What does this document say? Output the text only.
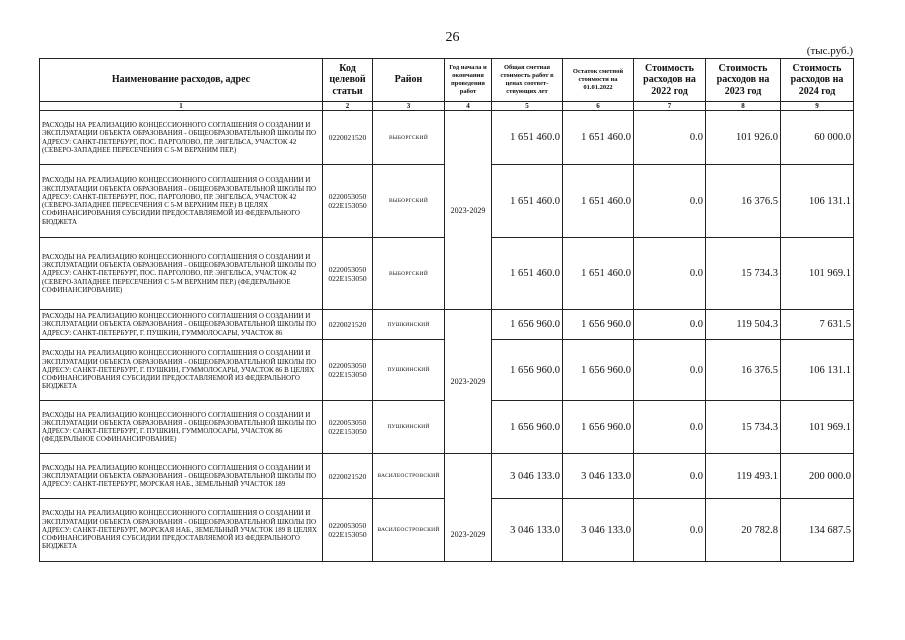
26
(тыс.руб.)
Наименование расходов, адрес	Код целевой статьи	Район	Год начала и окончания проведения работ	Общая сметная стоимость работ в ценах соответ-ствующих лет	Остаток сметной стоимости на 01.01.2022	Стоимость расходов на 2022 год	Стоимость расходов на 2023 год	Стоимость расходов на 2024 год
1	2	3	4	5	6	7	8	9
РАСХОДЫ НА РЕАЛИЗАЦИЮ КОНЦЕССИОННОГО СОГЛАШЕНИЯ О СОЗДАНИИ И ЭКСПЛУАТАЦИИ ОБЪЕКТА ОБРАЗОВАНИЯ - ОБЩЕОБРАЗОВАТЕЛЬНОЙ ШКОЛЫ ПО АДРЕСУ: САНКТ-ПЕТЕРБУРГ, ПОС. ПАРГОЛОВО, ПР. ЭНГЕЛЬСА, УЧАСТОК 42 (СЕВЕРО-ЗАПАДНЕЕ ПЕРЕСЕЧЕНИЯ С 5-М ВЕРХНИМ ПЕР.)	0220021520	ВЫБОРГСКИЙ	2023-2029	1 651 460.0	1 651 460.0	0.0	101 926.0	60 000.0
РАСХОДЫ НА РЕАЛИЗАЦИЮ КОНЦЕССИОННОГО СОГЛАШЕНИЯ О СОЗДАНИИ И ЭКСПЛУАТАЦИИ ОБЪЕКТА ОБРАЗОВАНИЯ - ОБЩЕОБРАЗОВАТЕЛЬНОЙ ШКОЛЫ ПО АДРЕСУ: САНКТ-ПЕТЕРБУРГ, ПОС. ПАРГОЛОВО, ПР. ЭНГЕЛЬСА, УЧАСТОК 42 (СЕВЕРО-ЗАПАДНЕЕ ПЕРЕСЕЧЕНИЯ С 5-М ВЕРХНИМ ПЕР.) В ЦЕЛЯХ СОФИНАНСИРОВАНИЯ СУБСИДИИ ПРЕДОСТАВЛЯЕМОЙ ИЗ ФЕДЕРАЛЬНОГО БЮДЖЕТА	0220053050 022E153050	ВЫБОРГСКИЙ		1 651 460.0	1 651 460.0	0.0	16 376.5	106 131.1
РАСХОДЫ НА РЕАЛИЗАЦИЮ КОНЦЕССИОННОГО СОГЛАШЕНИЯ О СОЗДАНИИ И ЭКСПЛУАТАЦИИ ОБЪЕКТА ОБРАЗОВАНИЯ - ОБЩЕОБРАЗОВАТЕЛЬНОЙ ШКОЛЫ ПО АДРЕСУ: САНКТ-ПЕТЕРБУРГ, ПОС. ПАРГОЛОВО, ПР. ЭНГЕЛЬСА, УЧАСТОК 42 (СЕВЕРО-ЗАПАДНЕЕ ПЕРЕСЕЧЕНИЯ С 5-М ВЕРХНИМ ПЕР.) (ФЕДЕРАЛЬНОЕ СОФИНАНСИРОВАНИЕ)	0220053050 022E153050	ВЫБОРГСКИЙ		1 651 460.0	1 651 460.0	0.0	15 734.3	101 969.1
РАСХОДЫ НА РЕАЛИЗАЦИЮ КОНЦЕССИОННОГО СОГЛАШЕНИЯ О СОЗДАНИИ И ЭКСПЛУАТАЦИИ ОБЪЕКТА ОБРАЗОВАНИЯ - ОБЩЕОБРАЗОВАТЕЛЬНОЙ ШКОЛЫ ПО АДРЕСУ: САНКТ-ПЕТЕРБУРГ, Г. ПУШКИН, ГУММОЛОСАРЫ, УЧАСТОК 86	0220021520	ПУШКИНСКИЙ	2023-2029	1 656 960.0	1 656 960.0	0.0	119 504.3	7 631.5
РАСХОДЫ НА РЕАЛИЗАЦИЮ КОНЦЕССИОННОГО СОГЛАШЕНИЯ О СОЗДАНИИ И ЭКСПЛУАТАЦИИ ОБЪЕКТА ОБРАЗОВАНИЯ - ОБЩЕОБРАЗОВАТЕЛЬНОЙ ШКОЛЫ ПО АДРЕСУ: САНКТ-ПЕТЕРБУРГ, Г. ПУШКИН, ГУММОЛОСАРЫ, УЧАСТОК 86 В ЦЕЛЯХ СОФИНАНСИРОВАНИЯ СУБСИДИИ ПРЕДОСТАВЛЯЕМОЙ ИЗ ФЕДЕРАЛЬНОГО БЮДЖЕТА	0220053050 022E153050	ПУШКИНСКИЙ		1 656 960.0	1 656 960.0	0.0	16 376.5	106 131.1
РАСХОДЫ НА РЕАЛИЗАЦИЮ КОНЦЕССИОННОГО СОГЛАШЕНИЯ О СОЗДАНИИ И ЭКСПЛУАТАЦИИ ОБЪЕКТА ОБРАЗОВАНИЯ - ОБЩЕОБРАЗОВАТЕЛЬНОЙ ШКОЛЫ ПО АДРЕСУ: САНКТ-ПЕТЕРБУРГ, Г. ПУШКИН, ГУММОЛОСАРЫ, УЧАСТОК 86 (ФЕДЕРАЛЬНОЕ СОФИНАНСИРОВАНИЕ)	0220053050 022E153050	ПУШКИНСКИЙ		1 656 960.0	1 656 960.0	0.0	15 734.3	101 969.1
РАСХОДЫ НА РЕАЛИЗАЦИЮ КОНЦЕССИОННОГО СОГЛАШЕНИЯ О СОЗДАНИИ И ЭКСПЛУАТАЦИИ ОБЪЕКТА ОБРАЗОВАНИЯ - ОБЩЕОБРАЗОВАТЕЛЬНОЙ ШКОЛЫ ПО АДРЕСУ: САНКТ-ПЕТЕРБУРГ, МОРСКАЯ НАБ., ЗЕМЕЛЬНЫЙ УЧАСТОК 189	0220021520	ВАСИЛЕОСТРОВСКИЙ	2023-2029	3 046 133.0	3 046 133.0	0.0	119 493.1	200 000.0
РАСХОДЫ НА РЕАЛИЗАЦИЮ КОНЦЕССИОННОГО СОГЛАШЕНИЯ О СОЗДАНИИ И ЭКСПЛУАТАЦИИ ОБЪЕКТА ОБРАЗОВАНИЯ - ОБЩЕОБРАЗОВАТЕЛЬНОЙ ШКОЛЫ ПО АДРЕСУ: САНКТ-ПЕТЕРБУРГ, МОРСКАЯ НАБ., ЗЕМЕЛЬНЫЙ УЧАСТОК 189 В ЦЕЛЯХ СОФИНАНСИРОВАНИЯ СУБСИДИИ ПРЕДОСТАВЛЯЕМОЙ ИЗ ФЕДЕРАЛЬНОГО БЮДЖЕТА	0220053050 022E153050	ВАСИЛЕОСТРОВСКИЙ		3 046 133.0	3 046 133.0	0.0	20 782.8	134 687.5
